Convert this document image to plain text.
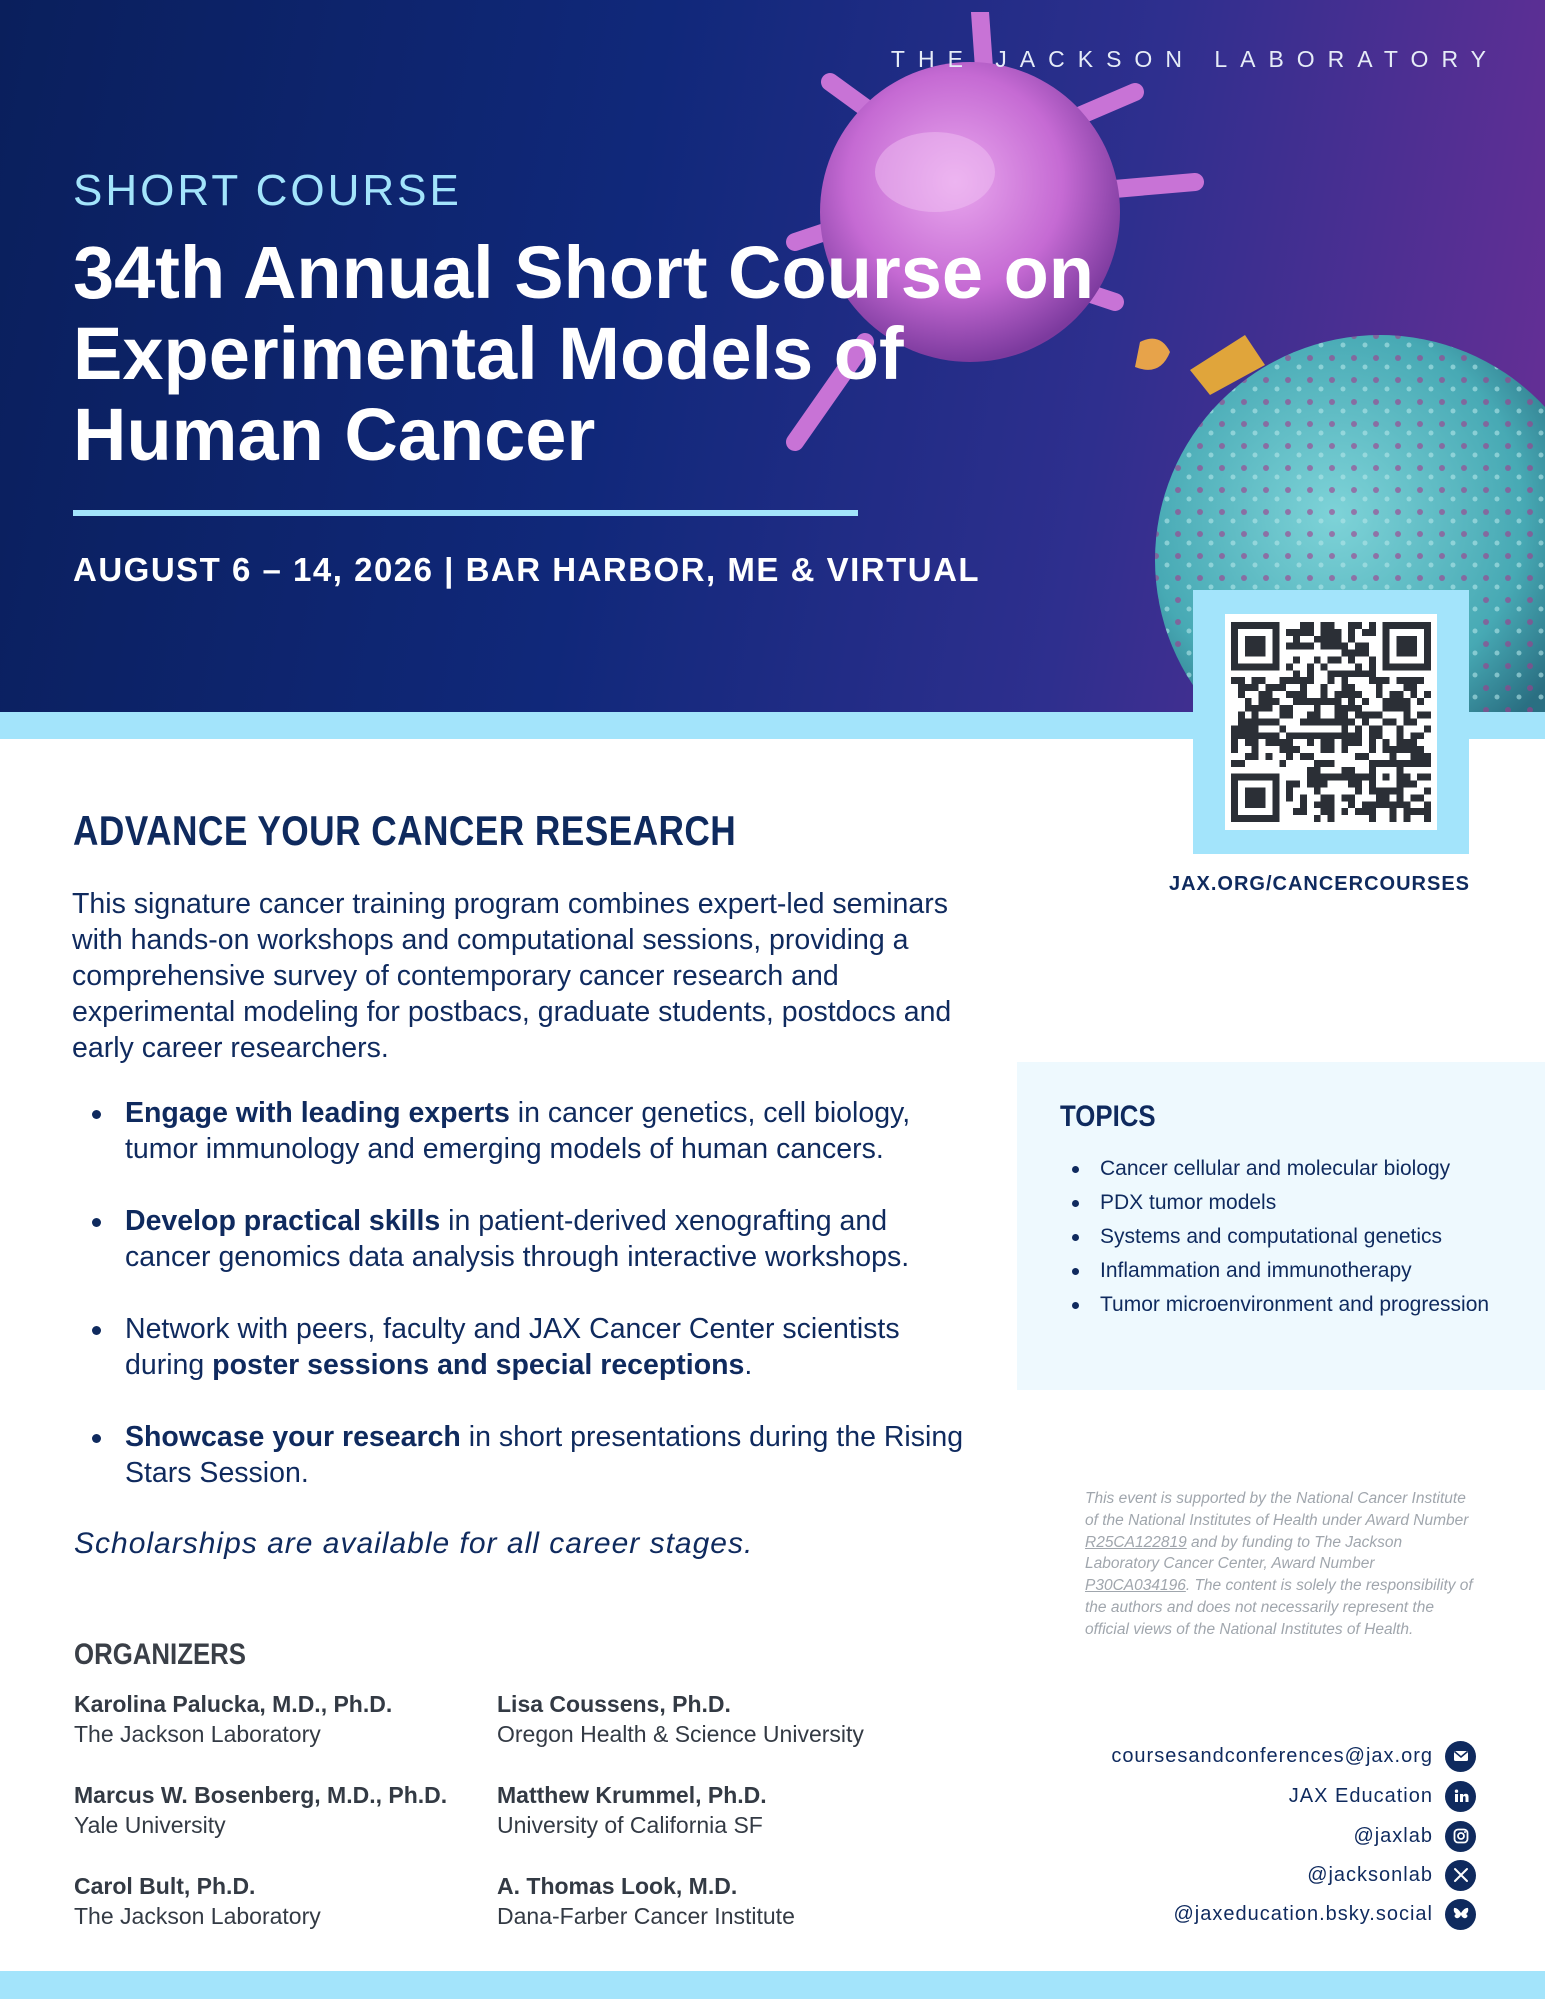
THE JACKSON LABORATORY
SHORT COURSE
34th Annual Short Course on Experimental Models of Human Cancer
AUGUST 6 – 14, 2026 | BAR HARBOR, ME & VIRTUAL
JAX.ORG/CANCERCOURSES
ADVANCE YOUR CANCER RESEARCH

This signature cancer training program combines expert-led seminars with hands-on workshops and computational sessions, providing a comprehensive survey of contemporary cancer research and experimental modeling for postbacs, graduate students, postdocs and early career researchers.

Engage with leading experts in cancer genetics, cell biology, tumor immunology and emerging models of human cancers.
Develop practical skills in patient-derived xenografting and cancer genomics data analysis through interactive workshops.
Network with peers, faculty and JAX Cancer Center scientists during poster sessions and special receptions.
Showcase your research in short presentations during the Rising Stars Session.
Scholarships are available for all career stages.
ORGANIZERS
Karolina Palucka, M.D., Ph.D.
The Jackson Laboratory
Lisa Coussens, Ph.D.
Oregon Health & Science University
Marcus W. Bosenberg, M.D., Ph.D.
Yale University
Matthew Krummel, Ph.D.
University of California SF
Carol Bult, Ph.D.
The Jackson Laboratory
A. Thomas Look, M.D.
Dana-Farber Cancer Institute
TOPICS
Cancer cellular and molecular biology
PDX tumor models
Systems and computational genetics
Inflammation and immunotherapy
Tumor microenvironment and progression

This event is supported by the National Cancer Institute of the National Institutes of Health under Award Number R25CA122819 and by funding to The Jackson Laboratory Cancer Center, Award Number P30CA034196. The content is solely the responsibility of the authors and does not necessarily represent the official views of the National Institutes of Health.

coursesandconferences@jax.org
JAX Education
@jaxlab
@jacksonlab
@jaxeducation.bsky.social
